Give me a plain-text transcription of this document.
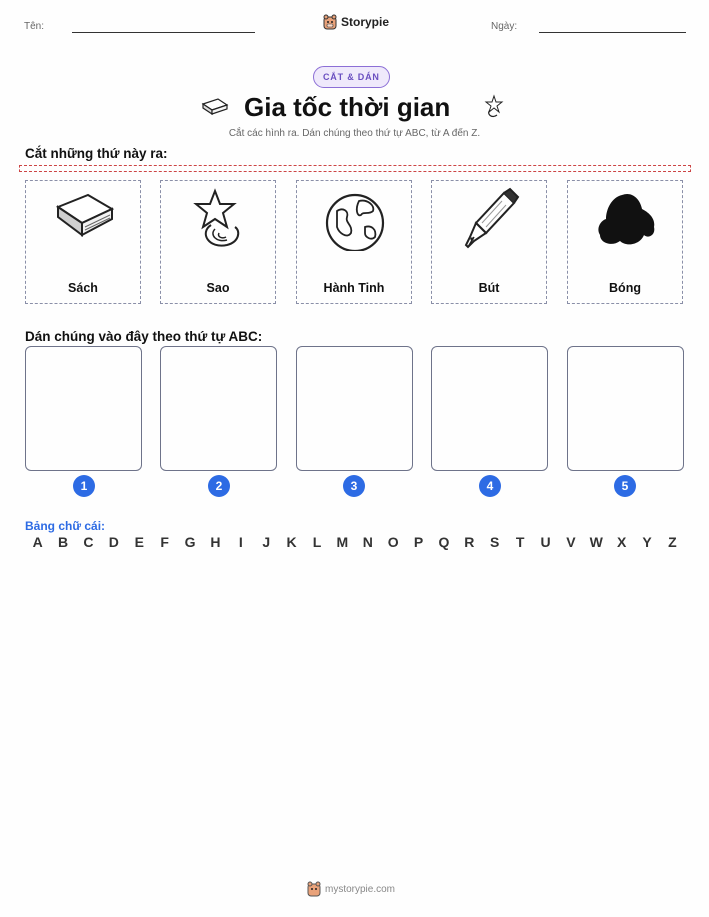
Tên:	Storypie	Ngày:
CẮT & DÁN
Gia tốc thời gian
Cắt các hình ra. Dán chúng theo thứ tự ABC, từ A đến Z.
Cắt những thứ này ra:
Sách	Sao	Hành Tinh	Bút	Bóng
Dán chúng vào đây theo thứ tự ABC:
1	2	3	4	5
Bảng chữ cái:
A	B	C	D	E	F	G	H	I	J	K	L	M	N	O	P	Q	R	S	T	U	V	W	X	Y	Z
mystorypie.com
